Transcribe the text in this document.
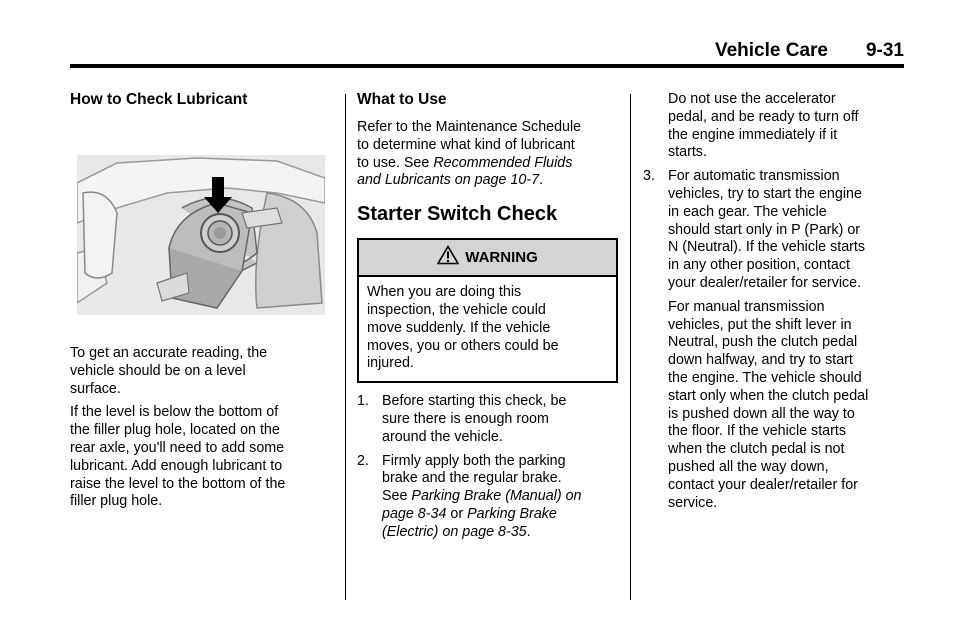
Vehicle Care 9-31
How to Check Lubricant

To get an accurate reading, the
vehicle should be on a level
surface.

If the level is below the bottom of
the filler plug hole, located on the
rear axle, you'll need to add some
lubricant. Add enough lubricant to
raise the level to the bottom of the
filler plug hole.

What to Use

Refer to the Maintenance Schedule
to determine what kind of lubricant
to use. See Recommended Fluids
and Lubricants on page 10-7.

Starter Switch Check
WARNING
When you are doing this
inspection, the vehicle could
move suddenly. If the vehicle
moves, you or others could be
injured.
1. Before starting this check, be
sure there is enough room
around the vehicle.
2. Firmly apply both the parking
brake and the regular brake.
See Parking Brake (Manual) on
page 8-34 or Parking Brake
(Electric) on page 8-35.

Do not use the accelerator
pedal, and be ready to turn off
the engine immediately if it
starts.

3. For automatic transmission
vehicles, try to start the engine
in each gear. The vehicle
should start only in P (Park) or
N (Neutral). If the vehicle starts
in any other position, contact
your dealer/retailer for service.

For manual transmission
vehicles, put the shift lever in
Neutral, push the clutch pedal
down halfway, and try to start
the engine. The vehicle should
start only when the clutch pedal
is pushed down all the way to
the floor. If the vehicle starts
when the clutch pedal is not
pushed all the way down,
contact your dealer/retailer for
service.
